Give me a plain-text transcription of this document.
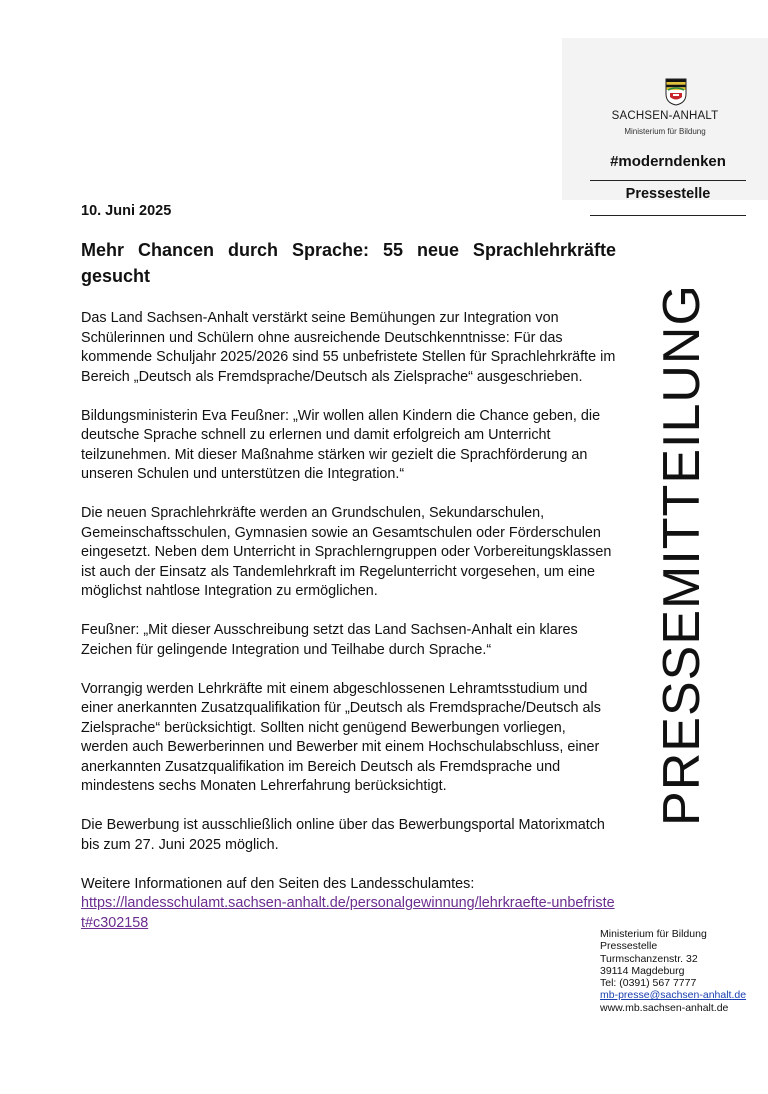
SACHSEN-ANHALT
Ministerium für Bildung
#moderndenken
Pressestelle
PRESSEMITTEILUNG
10. Juni 2025
Mehr Chancen durch Sprache: 55 neue Sprachlehrkräfte gesucht

Das Land Sachsen-Anhalt verstärkt seine Bemühungen zur Integration von Schülerinnen und Schülern ohne ausreichende Deutschkenntnisse: Für das kommende Schuljahr 2025/2026 sind 55 unbefristete Stellen für Sprachlehrkräfte im Bereich „Deutsch als Fremdsprache/Deutsch als Zielsprache“ ausgeschrieben.

Bildungsministerin Eva Feußner: „Wir wollen allen Kindern die Chance geben, die deutsche Sprache schnell zu erlernen und damit erfolgreich am Unterricht teilzunehmen. Mit dieser Maßnahme stärken wir gezielt die Sprachförderung an unseren Schulen und unterstützen die Integration.“

Die neuen Sprachlehrkräfte werden an Grundschulen, Sekundarschulen, Gemeinschaftsschulen, Gymnasien sowie an Gesamtschulen oder Förderschulen eingesetzt. Neben dem Unterricht in Sprachlerngruppen oder Vorbereitungsklassen ist auch der Einsatz als Tandemlehrkraft im Regelunterricht vorgesehen, um eine möglichst nahtlose Integration zu ermöglichen.

Feußner: „Mit dieser Ausschreibung setzt das Land Sachsen-Anhalt ein klares Zeichen für gelingende Integration und Teilhabe durch Sprache.“

Vorrangig werden Lehrkräfte mit einem abgeschlossenen Lehramtsstudium und einer anerkannten Zusatzqualifikation für „Deutsch als Fremdsprache/Deutsch als Zielsprache“ berücksichtigt. Sollten nicht genügend Bewerbungen vorliegen, werden auch Bewerberinnen und Bewerber mit einem Hochschulabschluss, einer anerkannten Zusatzqualifikation im Bereich Deutsch als Fremdsprache und mindestens sechs Monaten Lehrerfahrung berücksichtigt.

Die Bewerbung ist ausschließlich online über das Bewerbungsportal Matorixmatch bis zum 27. Juni 2025 möglich.

Weitere Informationen auf den Seiten des Landesschulamtes:
https://landesschulamt.sachsen-anhalt.de/personalgewinnung/lehrkraefte-unbefristet#c302158

Ministerium für Bildung
Pressestelle
Turmschanzenstr. 32
39114 Magdeburg
Tel: (0391) 567 7777
mb-presse@sachsen-anhalt.de
www.mb.sachsen-anhalt.de
